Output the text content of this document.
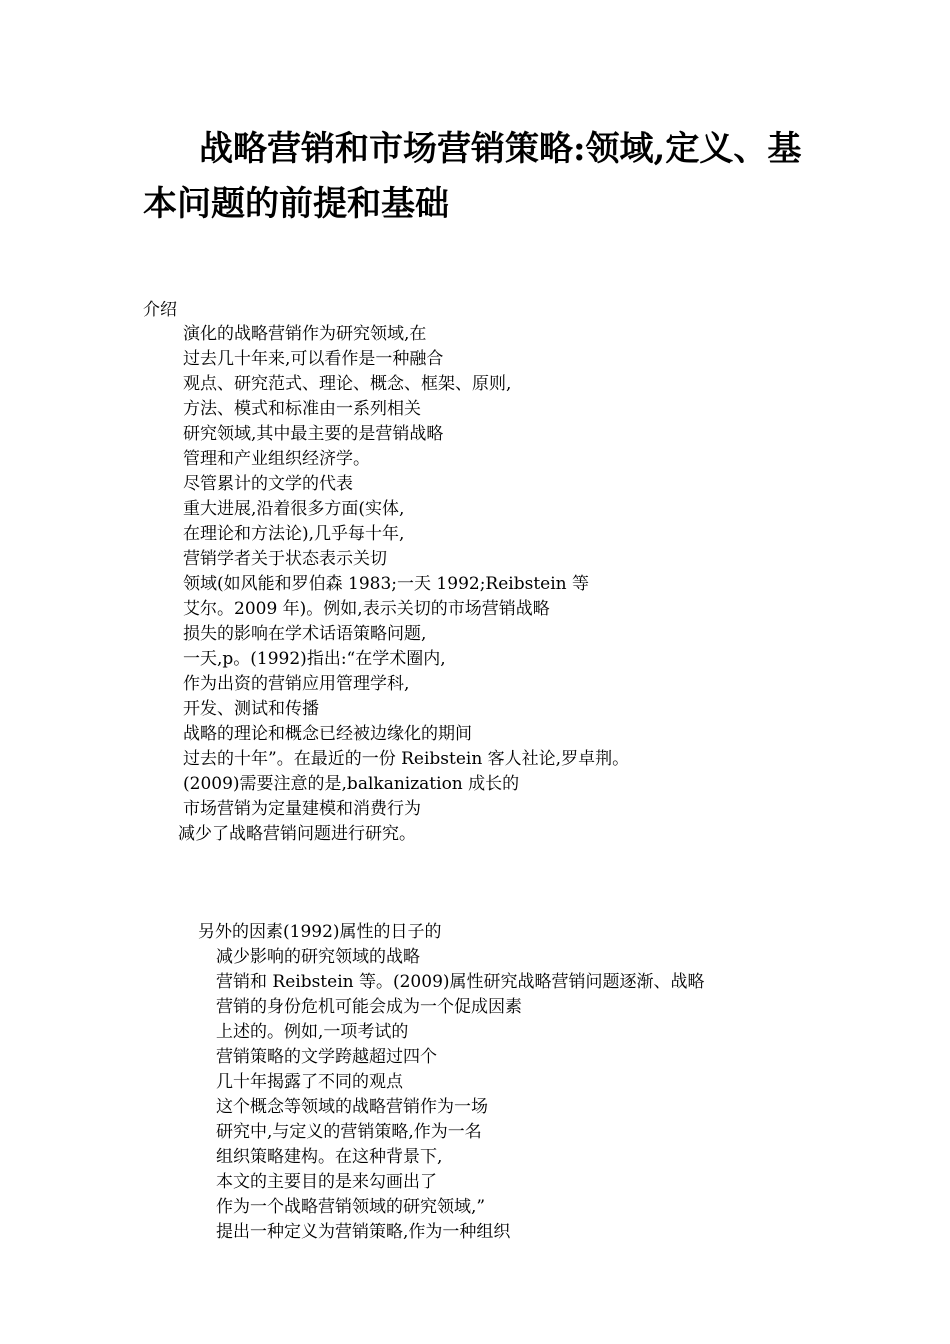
战略营销和市场营销策略:领域,定义、基
本问题的前提和基础
介绍
演化的战略营销作为研究领域,在
过去几十年来,可以看作是一种融合
观点、研究范式、理论、概念、框架、原则,
方法、模式和标准由一系列相关
研究领域,其中最主要的是营销战略
管理和产业组织经济学。
尽管累计的文学的代表
重大进展,沿着很多方面(实体,
在理论和方法论),几乎每十年,
营销学者关于状态表示关切
领域(如风能和罗伯森 1983;一天 1992;Reibstein 等
艾尔。2009 年)。例如,表示关切的市场营销战略
损失的影响在学术话语策略问题,
一天,p。(1992)指出:“在学术圈内,
作为出资的营销应用管理学科,
开发、测试和传播
战略的理论和概念已经被边缘化的期间
过去的十年”。在最近的一份 Reibstein 客人社论,罗卓荆。
(2009)需要注意的是,balkanization 成长的
市场营销为定量建模和消费行为
减少了战略营销问题进行研究。
另外的因素(1992)属性的日子的
减少影响的研究领域的战略
营销和 Reibstein 等。(2009)属性研究战略营销问题逐渐、战略
营销的身份危机可能会成为一个促成因素
上述的。例如,一项考试的
营销策略的文学跨越超过四个
几十年揭露了不同的观点
这个概念等领域的战略营销作为一场
研究中,与定义的营销策略,作为一名
组织策略建构。在这种背景下,
本文的主要目的是来勾画出了
作为一个战略营销领域的研究领域,”
提出一种定义为营销策略,作为一种组织
